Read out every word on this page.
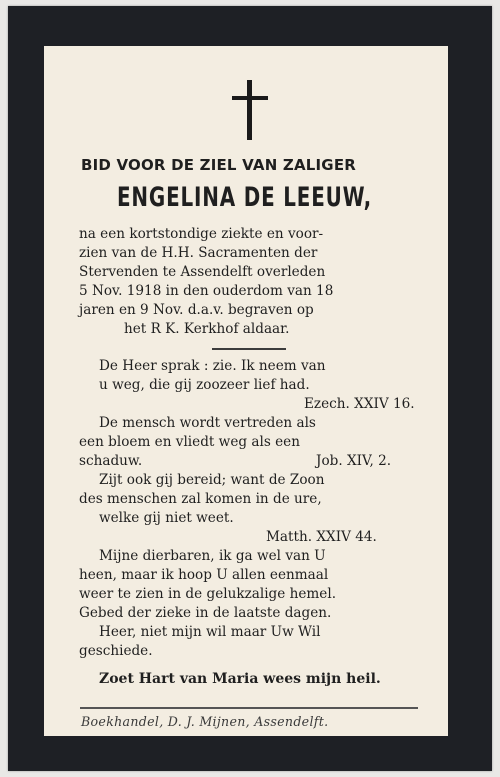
BID VOOR DE ZIEL VAN ZALIGER
ENGELINA DE LEEUW,
na een kortstondige ziekte en voor-
zien van de H.H. Sacramenten der
Stervenden te Assendelft overleden
5 Nov. 1918 in den ouderdom van 18
jaren en 9 Nov. d.a.v. begraven op
het R K. Kerkhof aldaar.
De Heer sprak : zie. Ik neem van
u weg, die gij zoozeer lief had.
Ezech. XXIV 16.
De mensch wordt vertreden als
een bloem en vliedt weg als een
schaduw.	Job. XIV, 2.
Zijt ook gij bereid; want de Zoon
des menschen zal komen in de ure,
welke gij niet weet.
Matth. XXIV 44.
Mijne dierbaren, ik ga wel van U
heen, maar ik hoop U allen eenmaal
weer te zien in de gelukzalige hemel.
Gebed der zieke in de laatste dagen.
Heer, niet mijn wil maar Uw Wil
geschiede.
Zoet Hart van Maria wees mijn heil.
Boekhandel, D. J. Mijnen, Assendelft.
